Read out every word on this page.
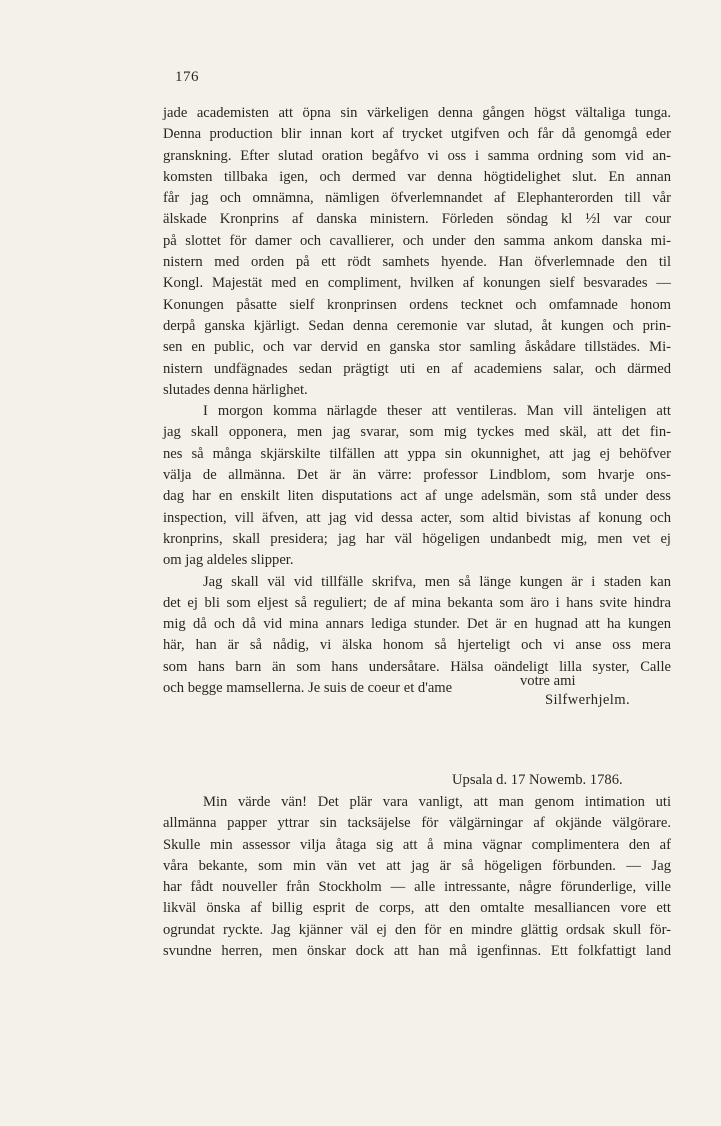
176
jade academisten att öpna sin värkeligen denna gången högst vältaliga tunga.
Denna production blir innan kort af trycket utgifven och får då genomgå eder
granskning. Efter slutad oration begåfvo vi oss i samma ordning som vid an-
komsten tillbaka igen, och dermed var denna högtidelighet slut. En annan
får jag och omnämna, nämligen öfverlemnandet af Elephanterorden till vår
älskade Kronprins af danska ministern. Förleden söndag kl ½l var cour
på slottet för damer och cavallierer, och under den samma ankom danska mi-
nistern med orden på ett rödt samhets hyende. Han öfverlemnade den til
Kongl. Majestät med en compliment, hvilken af konungen sielf besvarades —
Konungen påsatte sielf kronprinsen ordens tecknet och omfamnade honom
derpå ganska kjärligt. Sedan denna ceremonie var slutad, åt kungen och prin-
sen en public, och var dervid en ganska stor samling åskådare tillstädes. Mi-
nistern undfägnades sedan prägtigt uti en af academiens salar, och därmed
slutades denna härlighet.
I morgon komma närlagde theser att ventileras. Man vill änteligen att
jag skall opponera, men jag svarar, som mig tyckes med skäl, att det fin-
nes så många skjärskilte tilfällen att yppa sin okunnighet, att jag ej behöfver
välja de allmänna. Det är än värre: professor Lindblom, som hvarje ons-
dag har en enskilt liten disputations act af unge adelsmän, som stå under dess
inspection, vill äfven, att jag vid dessa acter, som altid bivistas af konung och
kronprins, skall presidera; jag har väl högeligen undanbedt mig, men vet ej
om jag aldeles slipper.
Jag skall väl vid tillfälle skrifva, men så länge kungen är i staden kan
det ej bli som eljest så reguliert; de af mina bekanta som äro i hans svite hindra
mig då och då vid mina annars lediga stunder. Det är en hugnad att ha kungen
här, han är så nådig, vi älska honom så hjerteligt och vi anse oss mera
som hans barn än som hans undersåtare. Hälsa oändeligt lilla syster, Calle
och begge mamsellerna. Je suis de coeur et d'ame	votre ami
Silfwerhjelm.
Upsala d. 17 Nowemb. 1786.
Min värde vän! Det plär vara vanligt, att man genom intimation uti
allmänna papper yttrar sin tacksäjelse för välgärningar af okjände välgörare.
Skulle min assessor vilja åtaga sig att å mina vägnar complimentera den af
våra bekante, som min vän vet att jag är så högeligen förbunden. — Jag
har fådt nouveller från Stockholm — alle intressante, någre förunderlige, ville
likväl önska af billig esprit de corps, att den omtalte mesalliancen vore ett
ogrundat ryckte. Jag kjänner väl ej den för en mindre glättig ordsak skull för-
svundne herren, men önskar dock att han må igenfinnas. Ett folkfattigt land
